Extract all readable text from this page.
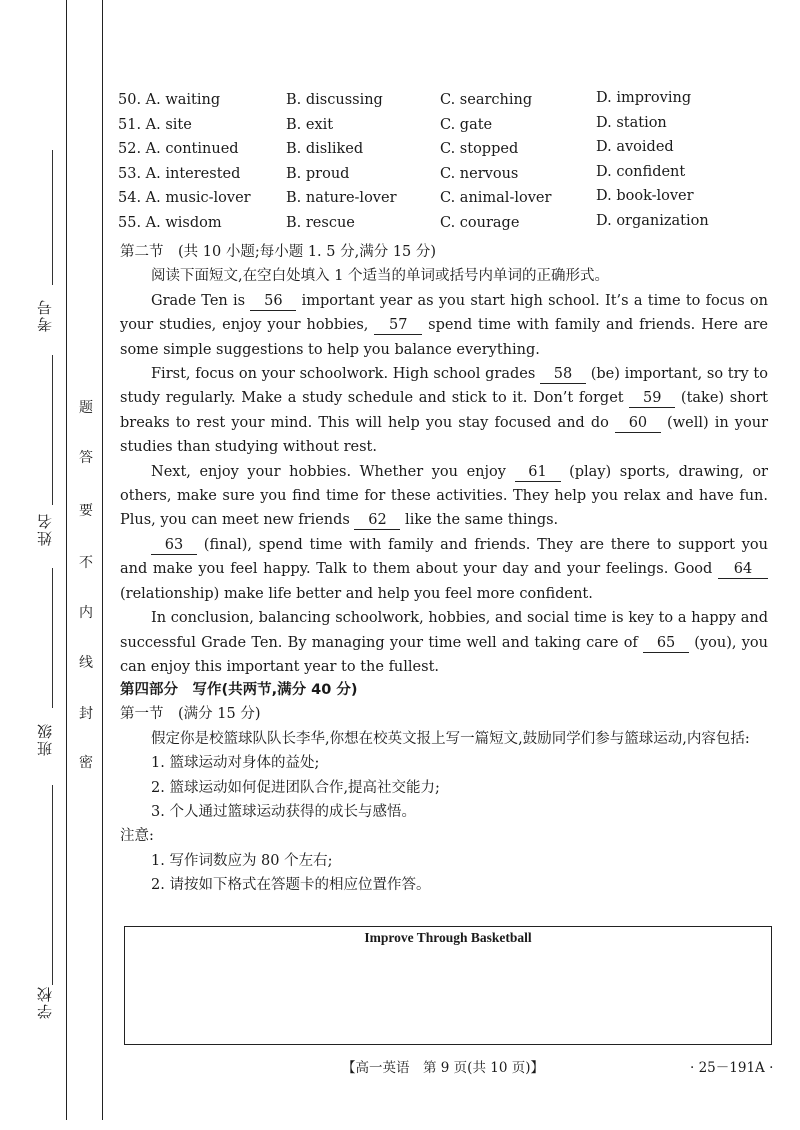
考号
姓名
班级
学校
题
答
要
不
内
线
封
密
50. A. waiting	B. discussing	C. searching	D. improving
51. A. site	B. exit	C. gate	D. station
52. A. continued	B. disliked	C. stopped	D. avoided
53. A. interested	B. proud	C. nervous	D. confident
54. A. music-lover B. nature-lover	C. animal-lover	D. book-lover
55. A. wisdom	B. rescue	C. courage	D. organization

第二节　(共 10 小题;每小题 1. 5 分,满分 15 分)

阅读下面短文,在空白处填入 1 个适当的单词或括号内单词的正确形式。

Grade Ten is 56 important year as you start high school. It’s a time to focus on your studies, enjoy your hobbies, 57 spend time with family and friends. Here are some simple suggestions to help you balance everything.

First, focus on your schoolwork. High school grades 58 (be) important, so try to study regularly. Make a study schedule and stick to it. Don’t forget 59 (take) short breaks to rest your mind. This will help you stay focused and do 60 (well) in your studies than studying without rest.

Next, enjoy your hobbies. Whether you enjoy 61 (play) sports, drawing, or others, make sure you find time for these activities. They help you relax and have fun. Plus, you can meet new friends 62 like the same things.

63 (final), spend time with family and friends. They are there to support you and make you feel happy. Talk to them about your day and your feelings. Good 64 (relationship) make life better and help you feel more confident.

In conclusion, balancing schoolwork, hobbies, and social time is key to a happy and successful Grade Ten. By managing your time well and taking care of 65 (you), you can enjoy this important year to the fullest.

第四部分　写作(共两节,满分 40 分)

第一节　(满分 15 分)

假定你是校篮球队队长李华,你想在校英文报上写一篇短文,鼓励同学们参与篮球运动,内容包括:

1. 篮球运动对身体的益处;

2. 篮球运动如何促进团队合作,提高社交能力;

3. 个人通过篮球运动获得的成长与感悟。

注意:

1. 写作词数应为 80 个左右;

2. 请按如下格式在答题卡的相应位置作答。

Improve Through Basketball
【高一英语　第 9 页(共 10 页)】	· 25－191A ·
